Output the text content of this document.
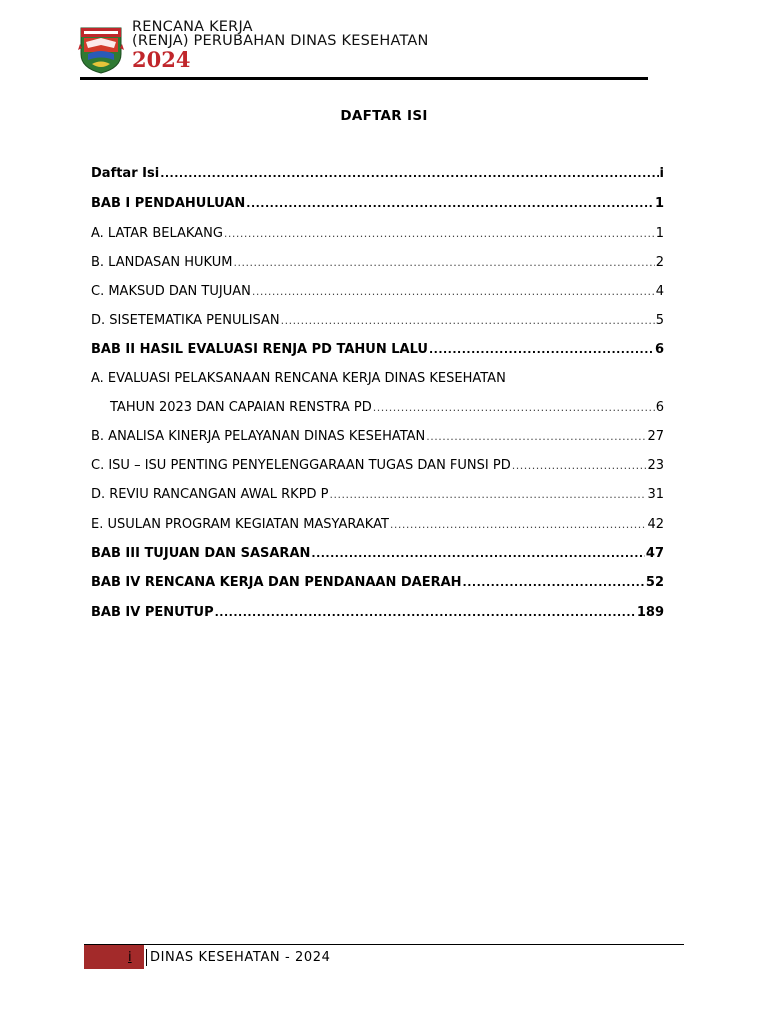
RENCANA KERJA
(RENJA) PERUBAHAN DINAS KESEHATAN
2024
DAFTAR ISI
Daftar Isi .....	i
BAB I PENDAHULUAN .....	1
A. LATAR BELAKANG .....	1
B. LANDASAN HUKUM .....	2
C. MAKSUD DAN TUJUAN .....	4
D. SISETEMATIKA PENULISAN .....	5
BAB II HASIL EVALUASI RENJA PD TAHUN LALU .....	6
A. EVALUASI PELAKSANAAN RENCANA KERJA DINAS KESEHATAN
TAHUN 2023 DAN CAPAIAN RENSTRA PD .....	6
B. ANALISA KINERJA PELAYANAN DINAS KESEHATAN .....	27
C. ISU – ISU PENTING PENYELENGGARAAN TUGAS DAN FUNSI PD .....	23
D. REVIU RANCANGAN AWAL RKPD P .....	31
E. USULAN PROGRAM KEGIATAN MASYARAKAT .....	42
BAB III TUJUAN DAN SASARAN .....	47
BAB IV RENCANA KERJA DAN PENDANAAN DAERAH .....	52
BAB IV PENUTUP .....	189
i DINAS KESEHATAN - 2024
